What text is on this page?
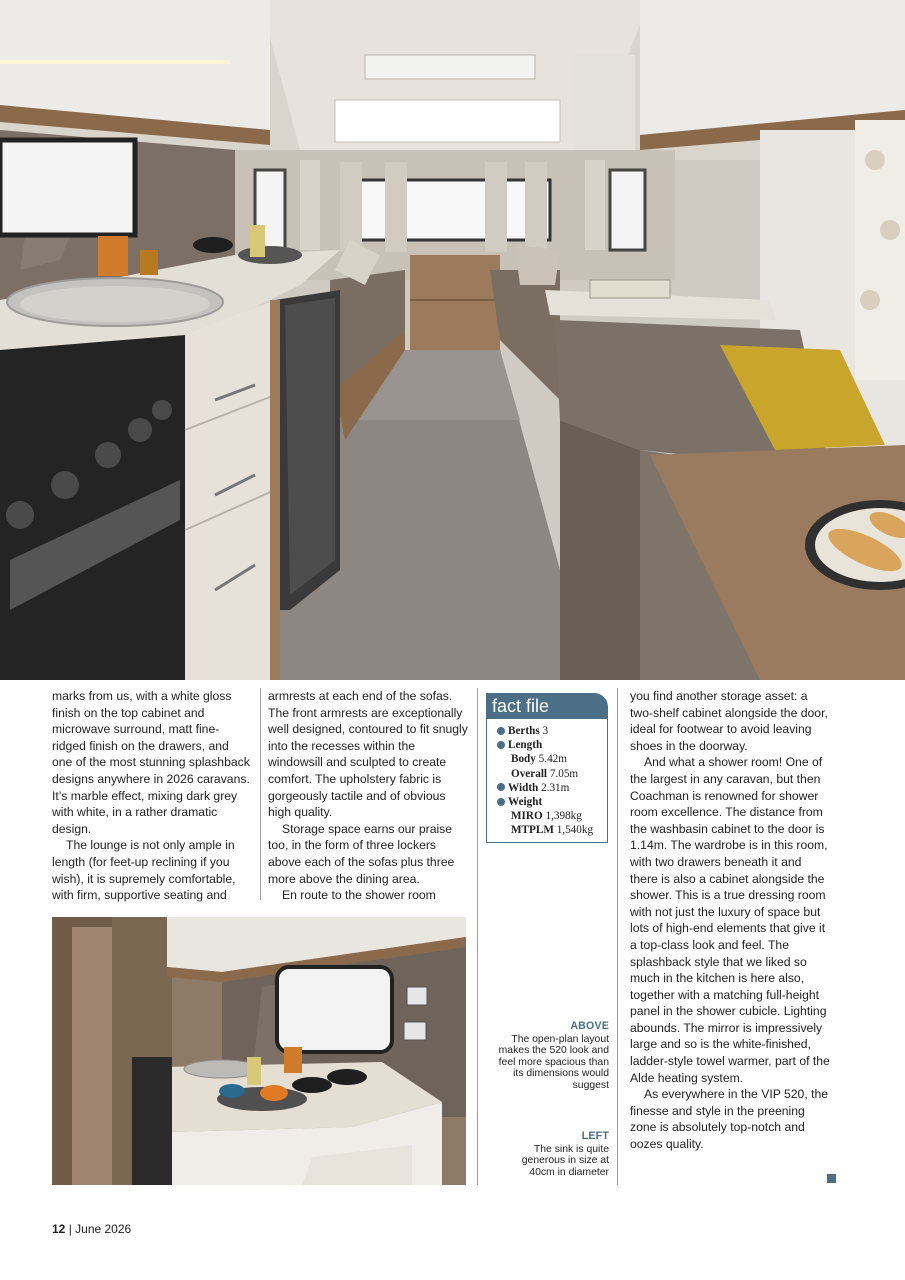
marks from us, with a white gloss finish on the top cabinet and microwave surround, matt fine-ridged finish on the drawers, and one of the most stunning splashback designs anywhere in 2026 caravans. It’s marble effect, mixing dark grey with white, in a rather dramatic design.

The lounge is not only ample in length (for feet-up reclining if you wish), it is supremely comfortable, with firm, supportive seating and

armrests at each end of the sofas. The front armrests are exceptionally well designed, contoured to fit snugly into the recesses within the windowsill and sculpted to create comfort. The upholstery fabric is gorgeously tactile and of obvious high quality.

Storage space earns our praise too, in the form of three lockers above each of the sofas plus three more above the dining area.

En route to the shower room

fact file
Berths 3
Length
Body 5.42m
Overall 7.05m
Width 2.31m
Weight
MIRO 1,398kg
MTPLM 1,540kg
ABOVE
The open-plan layout makes the 520 look and feel more spacious than its dimensions would suggest
LEFT
The sink is quite generous in size at 40cm in diameter

you find another storage asset: a two-shelf cabinet alongside the door, ideal for footwear to avoid leaving shoes in the doorway.

And what a shower room! One of the largest in any caravan, but then Coachman is renowned for shower room excellence. The distance from the washbasin cabinet to the door is 1.14m. The wardrobe is in this room, with two drawers beneath it and there is also a cabinet alongside the shower. This is a true dressing room with not just the luxury of space but lots of high-end elements that give it a top-class look and feel. The splashback style that we liked so much in the kitchen is here also, together with a matching full-height panel in the shower cubicle. Lighting abounds. The mirror is impressively large and so is the white-finished, ladder-style towel warmer, part of the Alde heating system.

As everywhere in the VIP 520, the finesse and style in the preening zone is absolutely top-notch and oozes quality.

12 | June 2026
